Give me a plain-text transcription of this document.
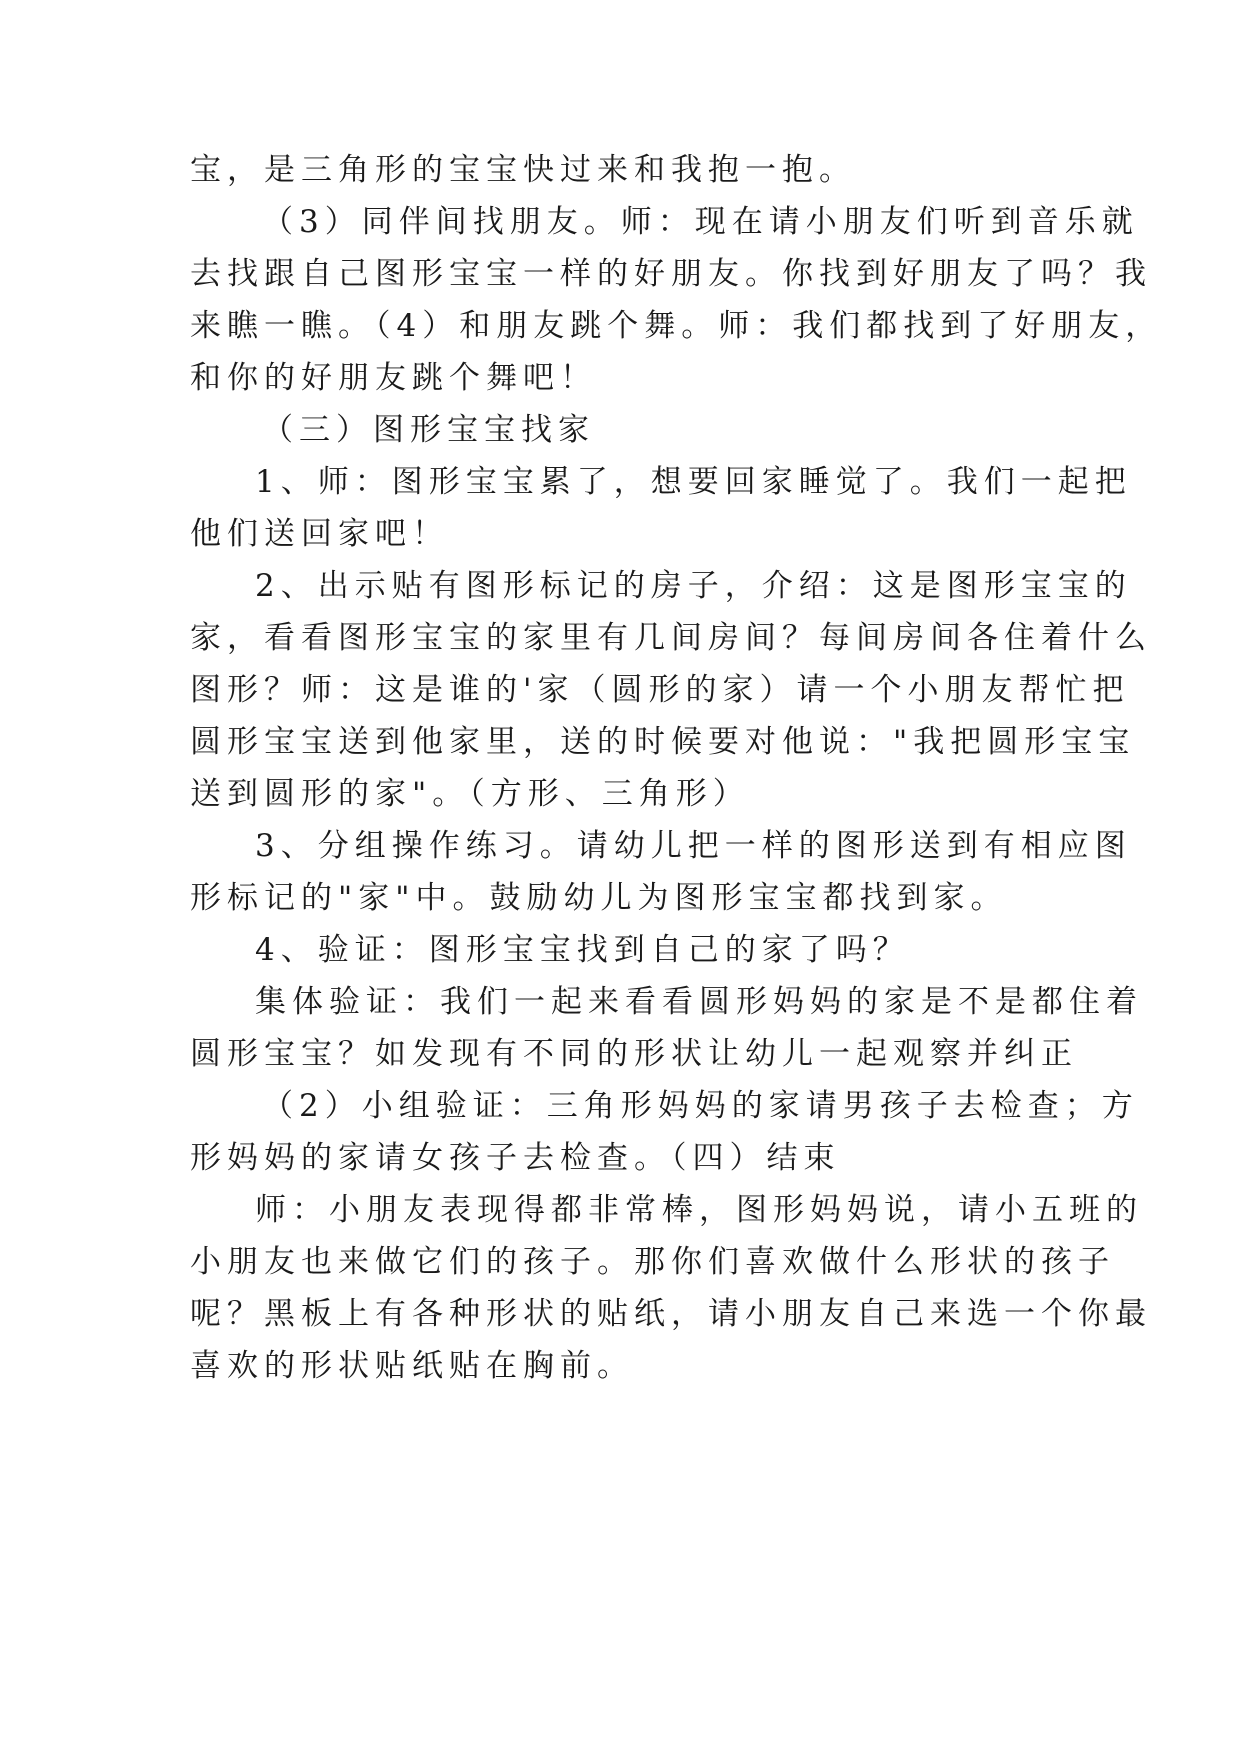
宝，是三角形的宝宝快过来和我抱一抱。
（3）同伴间找朋友。师：现在请小朋友们听到音乐就
去找跟自己图形宝宝一样的好朋友。你找到好朋友了吗？我
来瞧一瞧。（4）和朋友跳个舞。师：我们都找到了好朋友，
和你的好朋友跳个舞吧！
（三）图形宝宝找家
1、师：图形宝宝累了，想要回家睡觉了。我们一起把
他们送回家吧！
2、出示贴有图形标记的房子，介绍：这是图形宝宝的
家，看看图形宝宝的家里有几间房间？每间房间各住着什么
图形？师：这是谁的'家（圆形的家）请一个小朋友帮忙把
圆形宝宝送到他家里，送的时候要对他说："我把圆形宝宝
送到圆形的家"。（方形、三角形）
3、分组操作练习。请幼儿把一样的图形送到有相应图
形标记的"家"中。鼓励幼儿为图形宝宝都找到家。
4、验证：图形宝宝找到自己的家了吗？
集体验证：我们一起来看看圆形妈妈的家是不是都住着
圆形宝宝？如发现有不同的形状让幼儿一起观察并纠正
（2）小组验证：三角形妈妈的家请男孩子去检查；方
形妈妈的家请女孩子去检查。（四）结束
师：小朋友表现得都非常棒，图形妈妈说，请小五班的
小朋友也来做它们的孩子。那你们喜欢做什么形状的孩子
呢？黑板上有各种形状的贴纸，请小朋友自己来选一个你最
喜欢的形状贴纸贴在胸前。
